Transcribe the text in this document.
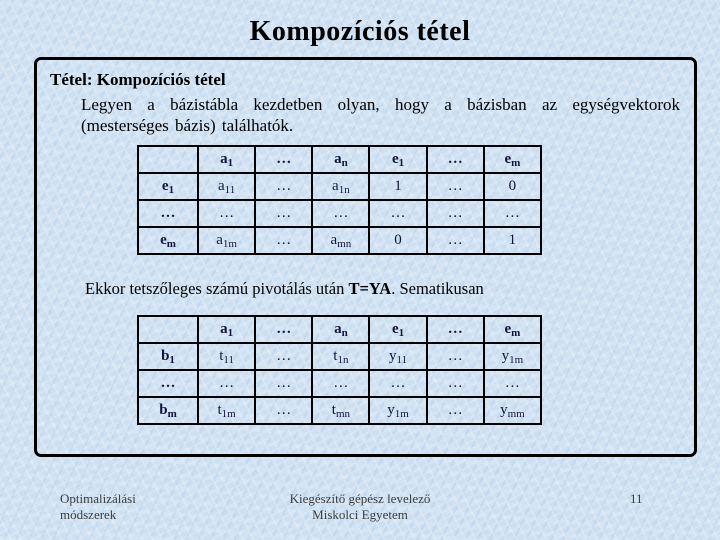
Kompozíciós tétel
Tétel: Kompozíciós tétel
Legyen a bázistábla kezdetben olyan, hogy a bázisban az egységvektorok (mesterséges bázis) találhatók.
	$a_1$	…	$a_n$	$e_1$	…	$e_m$
$e_1$	$a_{11}$	…	$a_{1n}$	1	…	0
…	…	…	…	…	…	…
$e_m$	$a_{1m}$	…	$a_{mn}$	0	…	1
Ekkor tetszőleges számú pivotálás után T=YA. Sematikusan
	$a_1$	…	$a_n$	$e_1$	…	$e_m$
$b_1$	$t_{11}$	…	$t_{1n}$	$y_{11}$	…	$y_{1m}$
…	…	…	…	…	…	…
$b_m$	$t_{1m}$	…	$t_{mn}$	$y_{1m}$	…	$y_{mm}$
Optimalizálási
módszerek
Kiegészítő gépész levelező
Miskolci Egyetem
11
